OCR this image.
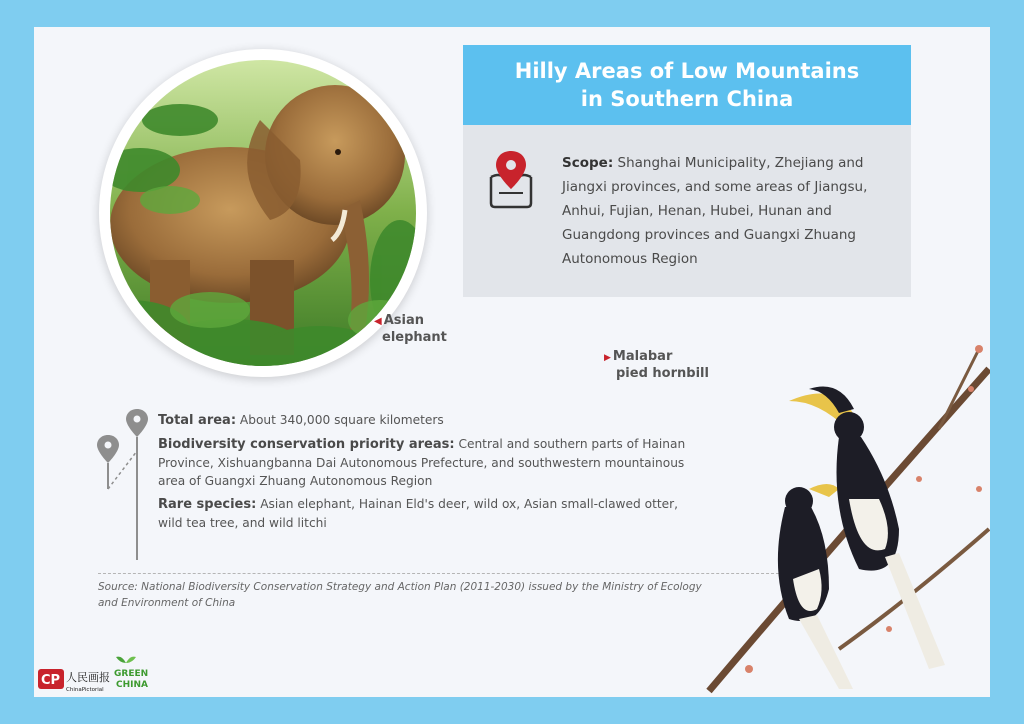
◀ Asian
elephant
Hilly Areas of Low Mountains in Southern China
Scope: Shanghai Municipality, Zhejiang and Jiangxi provinces, and some areas of Jiangsu, Anhui, Fujian, Henan, Hubei, Hunan and Guangdong provinces and Guangxi Zhuang Autonomous Region
▶ Malabar
pied hornbill
Total area: About 340,000 square kilometers
Biodiversity conservation priority areas: Central and southern parts of Hainan Province, Xishuangbanna Dai Autonomous Prefecture, and southwestern mountainous area of Guangxi Zhuang Autonomous Region
Rare species: Asian elephant, Hainan Eld's deer, wild ox, Asian small-clawed otter, wild tea tree, and wild litchi
Source: National Biodiversity Conservation Strategy and Action Plan (2011-2030) issued by the Ministry of Ecology and Environment of China
CP 人民画报
ChinaPictorial
GREEN
CHINA
